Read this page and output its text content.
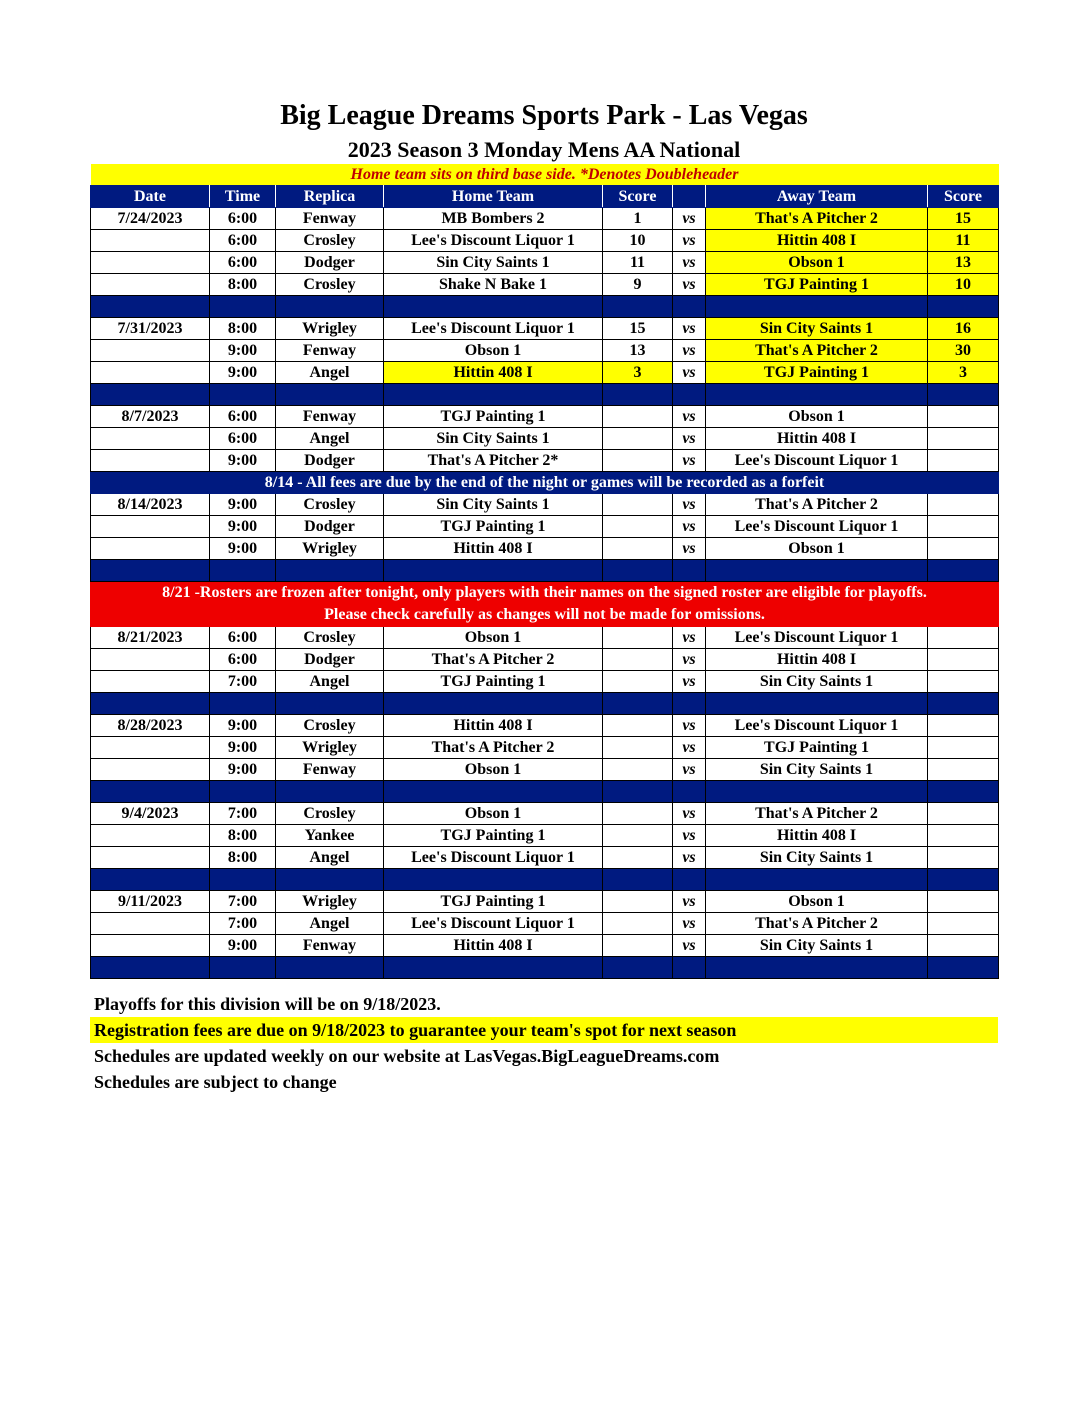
Big League Dreams Sports Park - Las Vegas
2023 Season 3 Monday Mens AA National
Home team sits on third base side. *Denotes Doubleheader							
Date	Time	Replica	Home Team	Score		Away Team	Score
7/24/2023	6:00	Fenway	MB Bombers 2	1	vs	That's A Pitcher 2	15
	6:00	Crosley	Lee's Discount Liquor 1	10	vs	Hittin 408 I	11
	6:00	Dodger	Sin City Saints 1	11	vs	Obson 1	13
	8:00	Crosley	Shake N Bake 1	9	vs	TGJ Painting 1	10

7/31/2023	8:00	Wrigley	Lee's Discount Liquor 1	15	vs	Sin City Saints 1	16
	9:00	Fenway	Obson 1	13	vs	That's A Pitcher 2	30
	9:00	Angel	Hittin 408 I	3	vs	TGJ Painting 1	3

8/7/2023	6:00	Fenway	TGJ Painting 1		vs	Obson 1	
	6:00	Angel	Sin City Saints 1		vs	Hittin 408 I	
	9:00	Dodger	That's A Pitcher 2*		vs	Lee's Discount Liquor 1	
8/14 - All fees are due by the end of the night or games will be recorded as a forfeit							
8/14/2023	9:00	Crosley	Sin City Saints 1		vs	That's A Pitcher 2	
	9:00	Dodger	TGJ Painting 1		vs	Lee's Discount Liquor 1	
	9:00	Wrigley	Hittin 408 I		vs	Obson 1	

8/21 -Rosters are frozen after tonight, only players with their names on the signed roster are eligible for playoffs.
Please check carefully as changes will not be made for omissions.							

8/21/2023	6:00	Crosley	Obson 1		vs	Lee's Discount Liquor 1	
	6:00	Dodger	That's A Pitcher 2		vs	Hittin 408 I	
	7:00	Angel	TGJ Painting 1		vs	Sin City Saints 1	

8/28/2023	9:00	Crosley	Hittin 408 I		vs	Lee's Discount Liquor 1	
	9:00	Wrigley	That's A Pitcher 2		vs	TGJ Painting 1	
	9:00	Fenway	Obson 1		vs	Sin City Saints 1	

9/4/2023	7:00	Crosley	Obson 1		vs	That's A Pitcher 2	
	8:00	Yankee	TGJ Painting 1		vs	Hittin 408 I	
	8:00	Angel	Lee's Discount Liquor 1		vs	Sin City Saints 1	

9/11/2023	7:00	Wrigley	TGJ Painting 1		vs	Obson 1	
	7:00	Angel	Lee's Discount Liquor 1		vs	That's A Pitcher 2	
	9:00	Fenway	Hittin 408 I		vs	Sin City Saints 1	

Playoffs for this division will be on 9/18/2023.
Registration fees are due on 9/18/2023 to guarantee your team's spot for next season
Schedules are updated weekly on our website at LasVegas.BigLeagueDreams.com
Schedules are subject to change
